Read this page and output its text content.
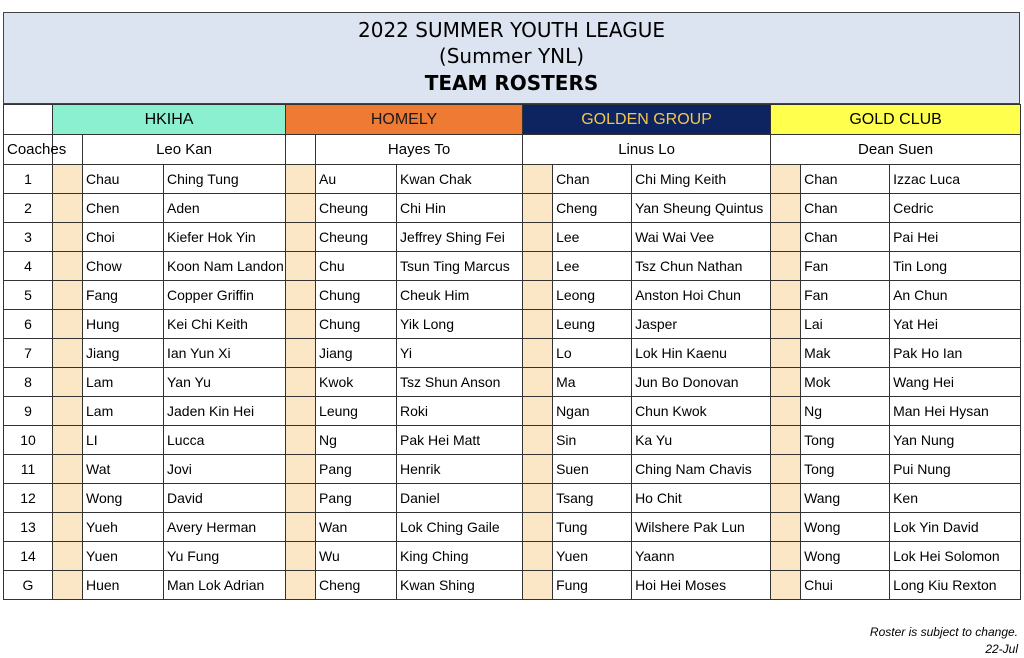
2022 SUMMER YOUTH LEAGUE
(Summer YNL)
TEAM ROSTERS
	HKIHA			HOMELY			GOLDEN GROUP			GOLD CLUB		
Coaches		Leo Kan			Hayes To		Linus Lo			Dean Suen		
1		Chau	Ching Tung		Au	Kwan Chak		Chan	Chi Ming Keith		Chan	Izzac Luca
2		Chen	Aden		Cheung	Chi Hin		Cheng	Yan Sheung Quintus		Chan	Cedric
3		Choi	Kiefer Hok Yin		Cheung	Jeffrey Shing Fei		Lee	Wai Wai Vee		Chan	Pai Hei
4		Chow	Koon Nam Landon		Chu	Tsun Ting Marcus		Lee	Tsz Chun Nathan		Fan	Tin Long
5		Fang	Copper Griffin		Chung	Cheuk Him		Leong	Anston Hoi Chun		Fan	An Chun
6		Hung	Kei Chi Keith		Chung	Yik Long		Leung	Jasper		Lai	Yat Hei
7		Jiang	Ian Yun Xi		Jiang	Yi		Lo	Lok Hin Kaenu		Mak	Pak Ho Ian
8		Lam	Yan Yu		Kwok	Tsz Shun Anson		Ma	Jun Bo Donovan		Mok	Wang Hei
9		Lam	Jaden Kin Hei		Leung	Roki		Ngan	Chun Kwok		Ng	Man Hei Hysan
10		LI	Lucca		Ng	Pak Hei Matt		Sin	Ka Yu		Tong	Yan Nung
11		Wat	Jovi		Pang	Henrik		Suen	Ching Nam Chavis		Tong	Pui Nung
12		Wong	David		Pang	Daniel		Tsang	Ho Chit		Wang	Ken
13		Yueh	Avery Herman		Wan	Lok Ching Gaile		Tung	Wilshere Pak Lun		Wong	Lok Yin David
14		Yuen	Yu Fung		Wu	King Ching		Yuen	Yaann		Wong	Lok Hei Solomon
G		Huen	Man Lok Adrian		Cheng	Kwan Shing		Fung	Hoi Hei Moses		Chui	Long Kiu Rexton
Roster is subject to change.
22-Jul
